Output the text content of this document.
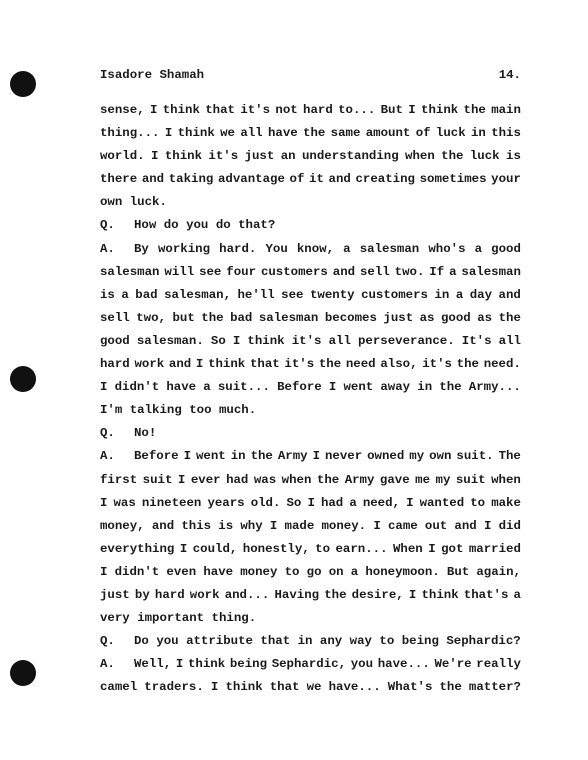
Isadore Shamah	14.
sense, I think that it's not hard to... But I think the main
thing... I think we all have the same amount of luck in this
world. I think it's just an understanding when the luck is
there and taking advantage of it and creating sometimes your
own luck.
Q.	How do you do that?
A.	By working hard. You know, a salesman who's a good
salesman will see four customers and sell two. If a salesman
is a bad salesman, he'll see twenty customers in a day and
sell two, but the bad salesman becomes just as good as the
good salesman. So I think it's all perseverance. It's all
hard work and I think that it's the need also, it's the need.
I didn't have a suit... Before I went away in the Army...
I'm talking too much.
Q.	No!
A.	Before I went in the Army I never owned my own suit. The
first suit I ever had was when the Army gave me my suit when
I was nineteen years old. So I had a need, I wanted to make
money, and this is why I made money. I came out and I did
everything I could, honestly, to earn... When I got married
I didn't even have money to go on a honeymoon. But again,
just by hard work and... Having the desire, I think that's a
very important thing.
Q.	Do you attribute that in any way to being Sephardic?
A.	Well, I think being Sephardic, you have... We're really
camel traders. I think that we have... What's the matter?
